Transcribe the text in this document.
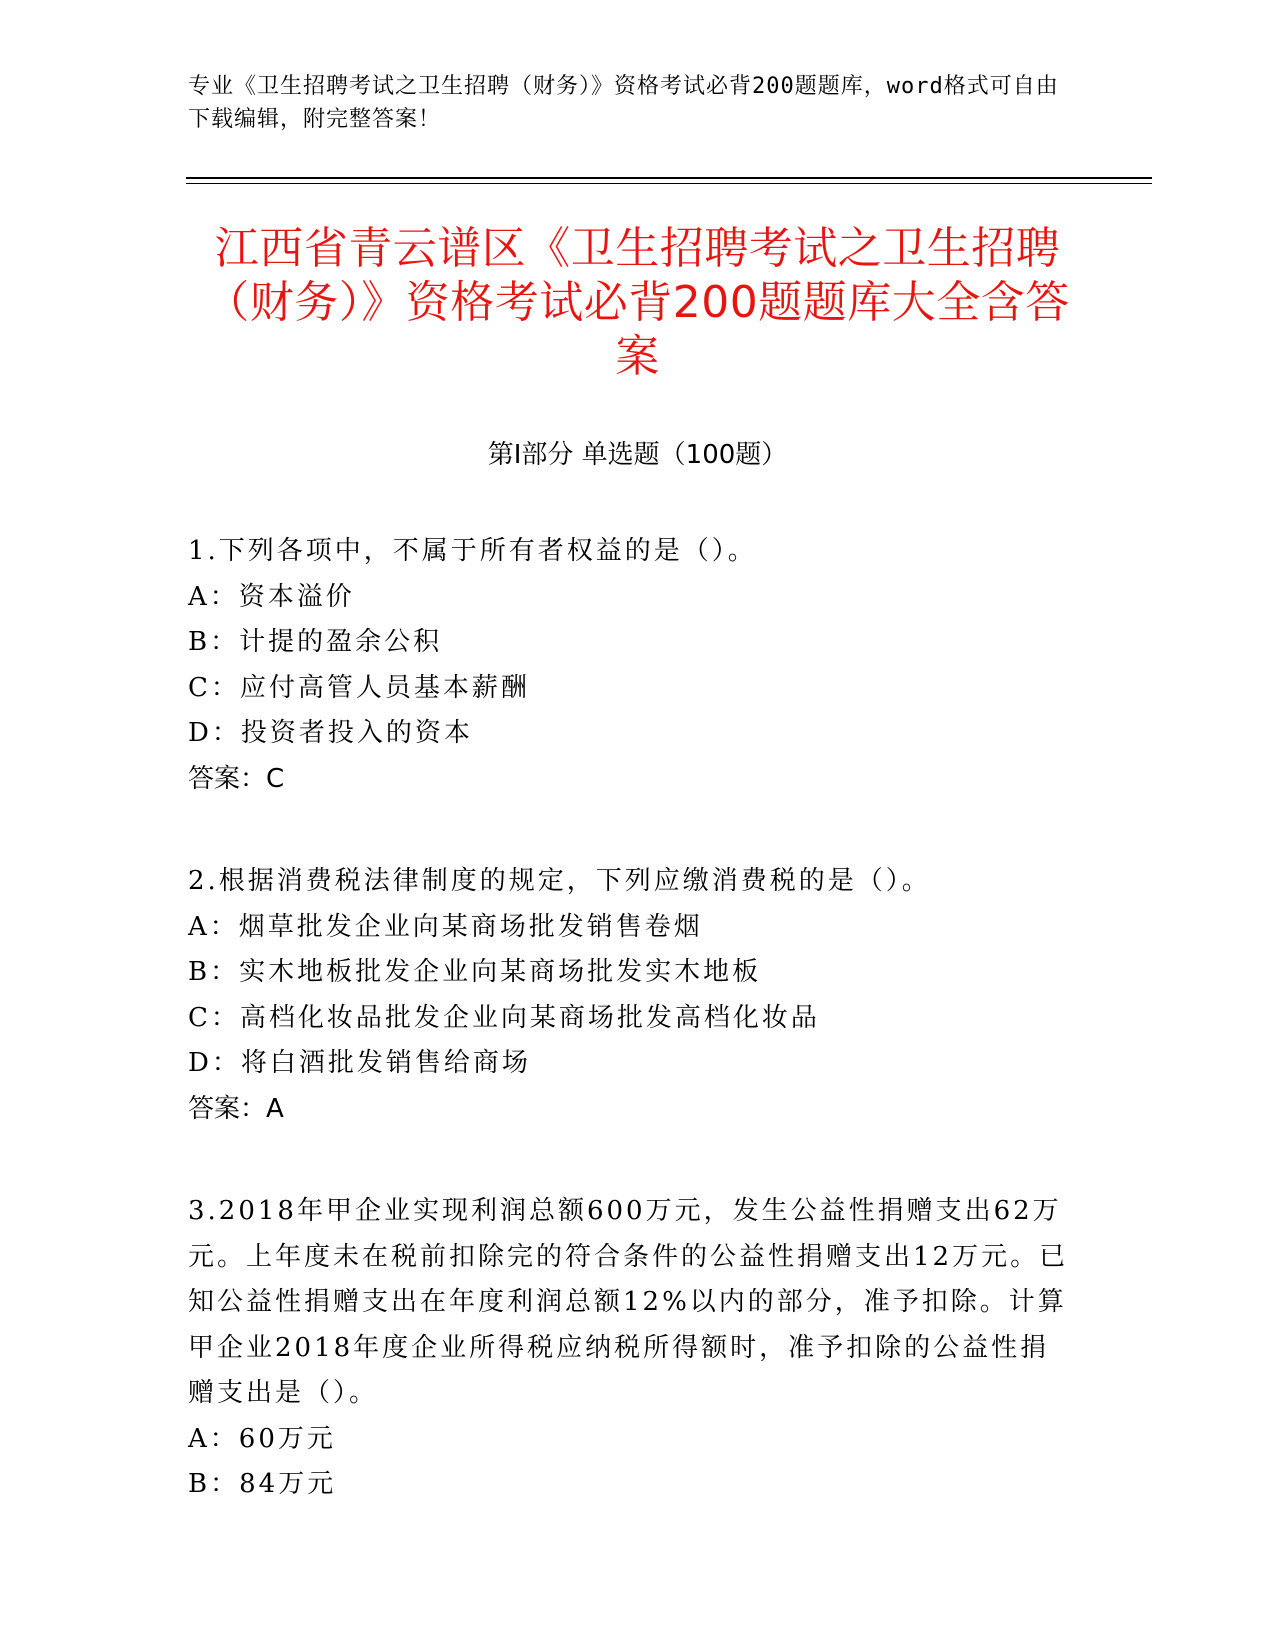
专业《卫生招聘考试之卫生招聘（财务）》资格考试必背200题题库，word格式可自由下载编辑，附完整答案！
江西省青云谱区《卫生招聘考试之卫生招聘（财务）》资格考试必背200题题库大全含答案
第Ⅰ部分 单选题（100题）
1.下列各项中，不属于所有者权益的是（）。
A：资本溢价
B：计提的盈余公积
C：应付高管人员基本薪酬
D：投资者投入的资本
答案：C
2.根据消费税法律制度的规定，下列应缴消费税的是（）。
A：烟草批发企业向某商场批发销售卷烟
B：实木地板批发企业向某商场批发实木地板
C：高档化妆品批发企业向某商场批发高档化妆品
D：将白酒批发销售给商场
答案：A
3.2018年甲企业实现利润总额600万元，发生公益性捐赠支出62万元。上年度未在税前扣除完的符合条件的公益性捐赠支出12万元。已知公益性捐赠支出在年度利润总额12%以内的部分，准予扣除。计算甲企业2018年度企业所得税应纳税所得额时，准予扣除的公益性捐赠支出是（）。
A：60万元
B：84万元
